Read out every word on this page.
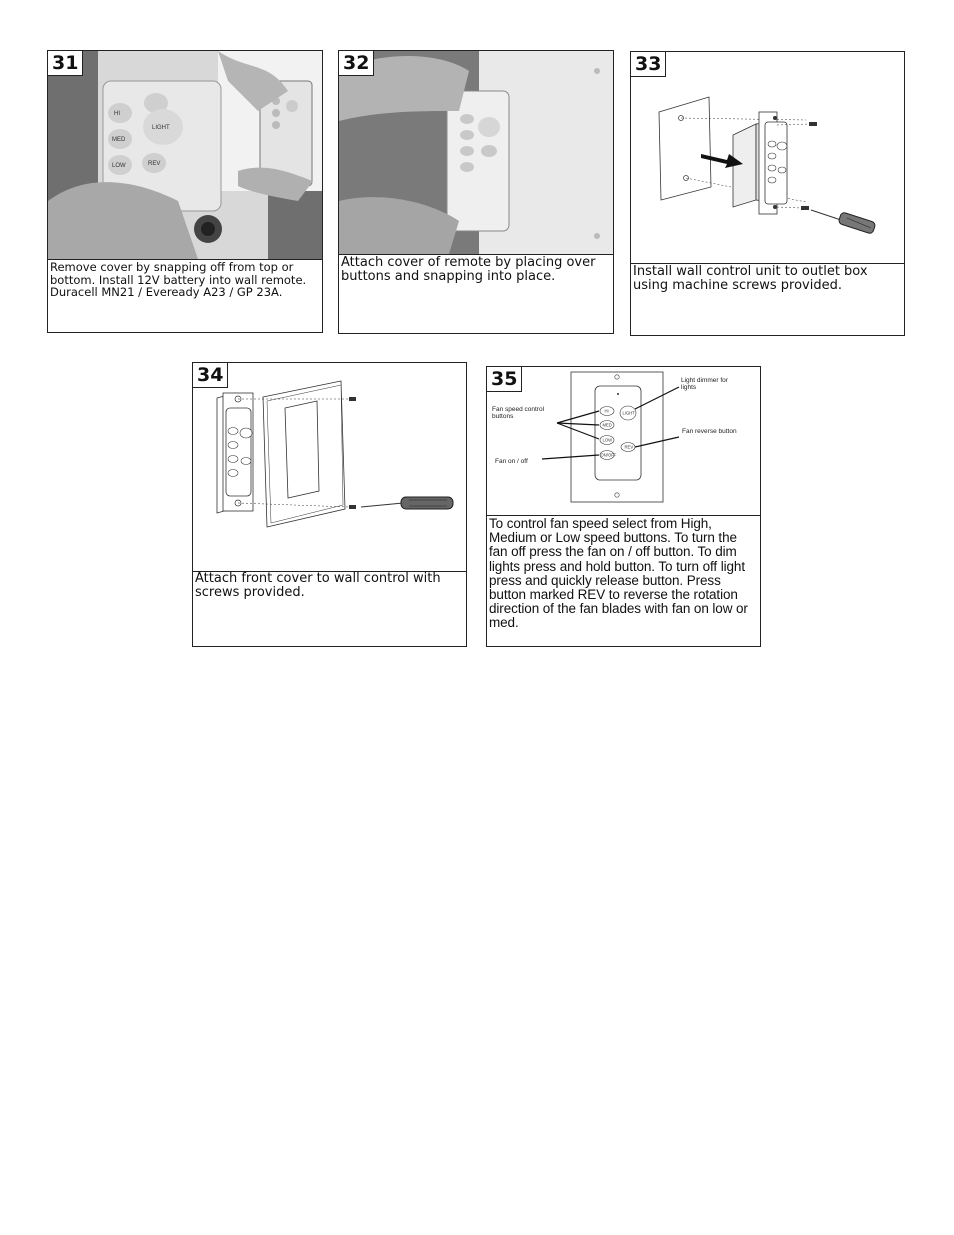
31
HI
MED
LOW	REV
LIGHT
Remove cover by snapping off from top or bottom. Install 12V battery into wall remote. Duracell MN21 / Eveready A23 / GP 23A.
32
Attach cover of remote by placing over buttons and snapping into place.
33
Install wall control unit to outlet box using machine screws provided.
34
Attach front cover to wall control with screws provided.
35
HI
MED
LOW
ON/OFF
LIGHT
REV
Fan speed control
buttons
Light dimmer for
lights
Fan reverse button
Fan on / off
To control fan speed select from High, Medium or Low speed buttons. To turn the fan off press the fan on / off button. To dim lights press and hold button. To turn off light press and quickly release button. Press button marked REV to reverse the rotation direction of the fan blades with fan on low or med.
